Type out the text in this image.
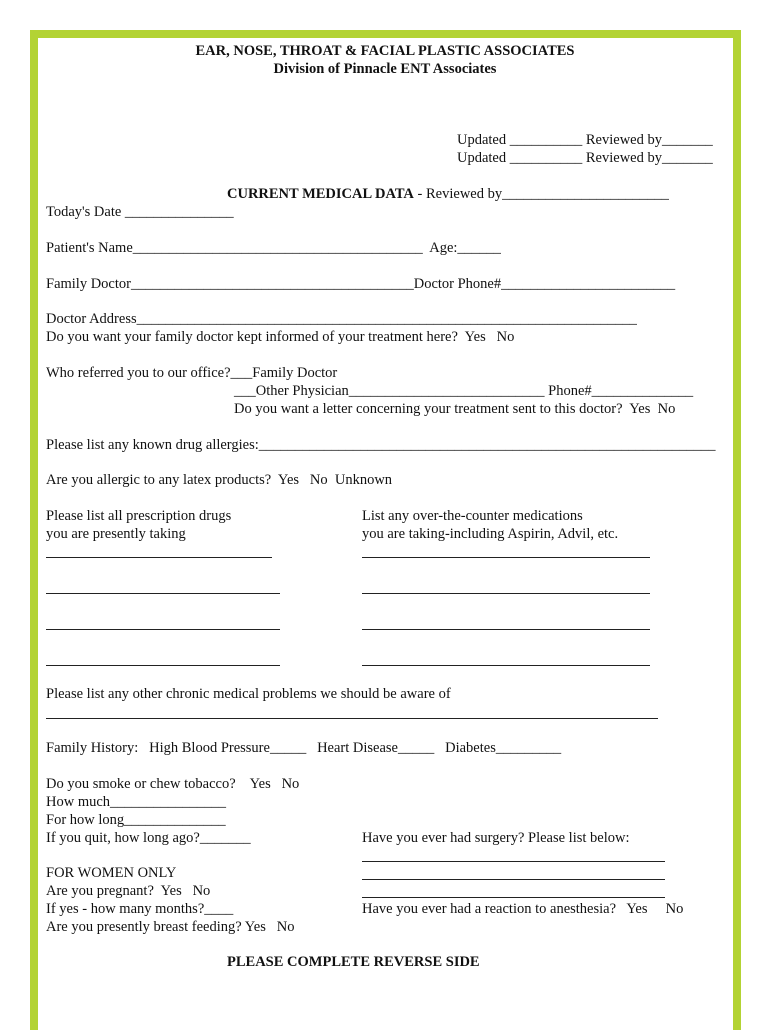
EAR, NOSE, THROAT & FACIAL PLASTIC ASSOCIATES
Division of Pinnacle ENT Associates
Updated __________ Reviewed by_______
Updated __________ Reviewed by_______
CURRENT MEDICAL DATA - Reviewed by_______________________
Today's Date _______________
Patient's Name________________________________________  Age:______
Family Doctor_______________________________________Doctor Phone#________________________
Doctor Address_____________________________________________________________________
Do you want your family doctor kept informed of your treatment here?  Yes   No
Who referred you to our office?___Family Doctor
___Other Physician___________________________ Phone#______________
Do you want a letter concerning your treatment sent to this doctor?  Yes  No
Please list any known drug allergies:_______________________________________________________________
Are you allergic to any latex products?  Yes   No  Unknown
Please list all prescription drugs
you are presently taking
List any over-the-counter medications
you are taking-including Aspirin, Advil, etc.
Please list any other chronic medical problems we should be aware of
Family History:   High Blood Pressure_____   Heart Disease_____   Diabetes_________
Do you smoke or chew tobacco?    Yes   No
How much________________
For how long______________
If you quit, how long ago?_______	Have you ever had surgery? Please list below:
Have you ever had a reaction to anesthesia?   Yes     No
FOR WOMEN ONLY
Are you pregnant?  Yes   No
If yes - how many months?____
Are you presently breast feeding? Yes   No
PLEASE COMPLETE REVERSE SIDE
